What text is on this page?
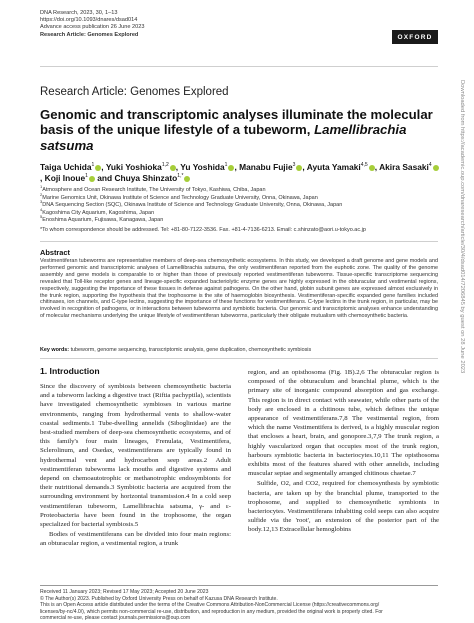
DNA Research, 2023, 30, 1–13
https://doi.org/10.1093/dnares/dsad014
Advance access publication 26 June 2023
Research Article: Genomes Explored	OXFORD
Research Article: Genomes Explored
Genomic and transcriptomic analyses illuminate the molecular basis of the unique lifestyle of a tubeworm, Lamellibrachia satsuma
Taiga Uchida$^1$ , Yuki Yoshioka$^{1,2}$ , Yu Yoshida$^1$ , Manabu Fujie$^3$ , Ayuta Yamaki$^{4,5}$ , Akira Sasaki$^4$, Koji Inoue$^1$ and Chuya Shinzato$^{1,*}$
$^1$Atmosphere and Ocean Research Institute, The University of Tokyo, Kashiwa, Chiba, Japan
$^2$Marine Genomics Unit, Okinawa Institute of Science and Technology Graduate University, Onna, Okinawa, Japan
$^3$DNA Sequencing Section (SQC), Okinawa Institute of Science and Technology Graduate University, Onna, Okinawa, Japan
$^4$Kagoshima City Aquarium, Kagoshima, Japan
$^5$Enoshima Aquarium, Fujisawa, Kanagawa, Japan
*To whom correspondence should be addressed. Tel: +81-80-7122-3536. Fax. +81-4-7136-6213. Email: c.shinzato@aori.u-tokyo.ac.jp
Abstract
Vestimentiferan tubeworms are representative members of deep-sea chemosynthetic ecosystems. In this study, we developed a draft genome and gene models and performed genomic and transcriptomic analyses of Lamellibrachia satsuma, the only vestimentiferan reported from the euphotic zone. The quality of the genome assembly and gene models is comparable to or higher than those of previously reported vestimentiferan tubeworms. Tissue-specific transcriptome sequencing revealed that Toll-like receptor genes and lineage-specific expanded bacteriolytic enzyme genes are highly expressed in the obturacular and vestimental regions, respectively, suggesting the importance of these tissues in defense against pathogens. On the other hand, globin subunit genes are expressed almost exclusively in the trunk region, supporting the hypothesis that the trophosome is the site of haemoglobin biosynthesis. Vestimentiferan-specific expanded gene families included chitinases, ion channels, and C-type lectins, suggesting the importance of these functions for vestimentiferans. C-type lectins in the trunk region, in particular, may be involved in recognition of pathogens, or in interactions between tubeworms and symbiotic bacteria. Our genomic and transcriptomic analyses enhance understanding of molecular mechanisms underlying the unique lifestyle of vestimentiferan tubeworms, particularly their obligate mutualism with chemosynthetic bacteria.
Key words: tubeworm, genome sequencing, transcriptomic analysis, gene duplication, chemosynthetic symbiosis
1. Introduction

Since the discovery of symbiosis between chemosynthetic bacteria and a tubeworm lacking a digestive tract (Riftia pachyptila), scientists have investigated chemosynthetic symbioses in various marine environments, ranging from hydrothermal vents to shallow-water coastal sediments.1 Tube-dwelling annelids (Siboglinidae) are the best-studied members of deep-sea chemosynthetic ecosystems, and of this family's four main lineages, Frenulata, Vestimentifera, Sclerolinum, and Osedax, vestimentiferans are typically found in hydrothermal vent and hydrocarbon seep areas.2 Adult vestimentiferan tubeworms lack mouths and digestive systems and depend on chemoautotrophic or methanotrophic endosymbionts for their nutritional demands.3 Symbiotic bacteria are acquired from the surrounding environment by horizontal transmission.4 In a cold seep vestimentiferan tubeworm, Lamellibrachia satsuma, γ- and ε-Proteobacteria have been found in the trophosome, the organ specialized for bacterial symbiosis.5

Bodies of vestimentiferans can be divided into four main regions: an obturacular region, a vestimental region, a trunk

region, and an opisthosoma (Fig. 1B).2,6 The obturacular region is composed of the obturaculum and branchial plume, which is the primary site of inorganic compound absorption and gas exchange. This region is in direct contact with seawater, while other parts of the body are enclosed in a chitinous tube, which defines the unique appearance of vestimentiferans.7,8 The vestimental region, from which the name Vestimentifera is derived, is a highly muscular region that encloses a heart, brain, and gonopore.3,7,9 The trunk region, a highly vascularized organ that occupies most of the trunk region, harbours symbiotic bacteria in bacteriocytes.10,11 The opisthosoma exhibits most of the features shared with other annelids, including muscular septae and segmentally arranged chitinous chaetae.7

Sulfide, O2, and CO2, required for chemosynthesis by symbiotic bacteria, are taken up by the branchial plume, transported to the trophosome, and supplied to chemosynthetic symbionts in bacteriocytes. Vestimentiferans inhabiting cold seeps can also acquire sulfide via the 'root', an extension of the posterior part of the body.12,13 Extracellular hemoglobins

Received 11 January 2023; Revised 17 May 2023; Accepted 20 June 2023
© The Author(s) 2023. Published by Oxford University Press on behalf of Kazusa DNA Research Institute.
This is an Open Access article distributed under the terms of the Creative Commons Attribution-NonCommercial License (https://creativecommons.org/
licenses/by-nc/4.0/), which permits non-commercial re-use, distribution, and reproduction in any medium, provided the original work is properly cited. For
commercial re-use, please contact journals.permissions@oup.com
Downloaded from https://academic.oup.com/dnaresearch/article/30/4/dsad014/7206845 by guest on 28 June 2023
